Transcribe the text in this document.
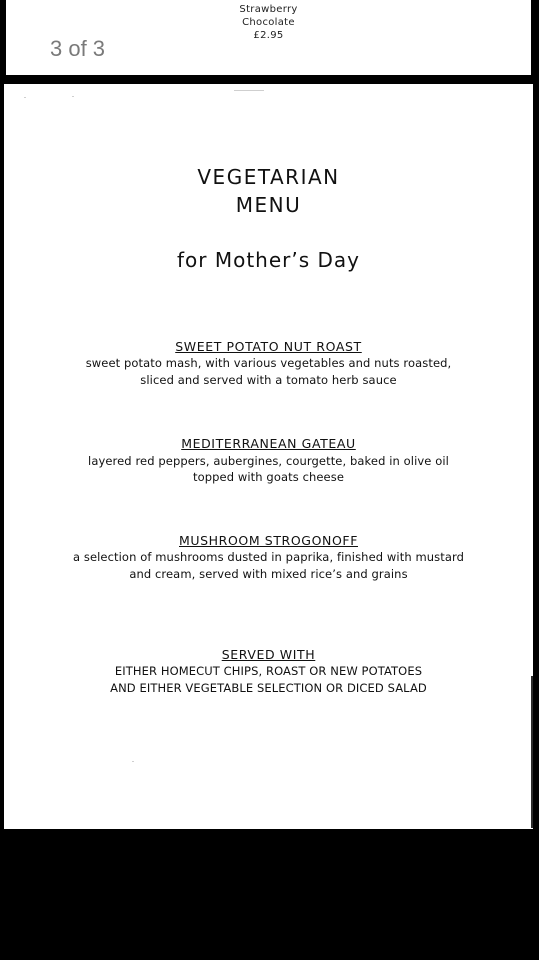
Strawberry
Chocolate
£2.95
3 of 3
VEGETARIAN
MENU
for Mother’s Day
SWEET POTATO NUT ROAST
sweet potato mash, with various vegetables and nuts roasted,
sliced and served with a tomato herb sauce
MEDITERRANEAN GATEAU
layered red peppers, aubergines, courgette, baked in olive oil
topped with goats cheese
MUSHROOM STROGONOFF
a selection of mushrooms dusted in paprika, finished with mustard
and cream, served with mixed rice’s and grains
SERVED WITH
EITHER HOMECUT CHIPS, ROAST OR NEW POTATOES
AND EITHER VEGETABLE SELECTION OR DICED SALAD
